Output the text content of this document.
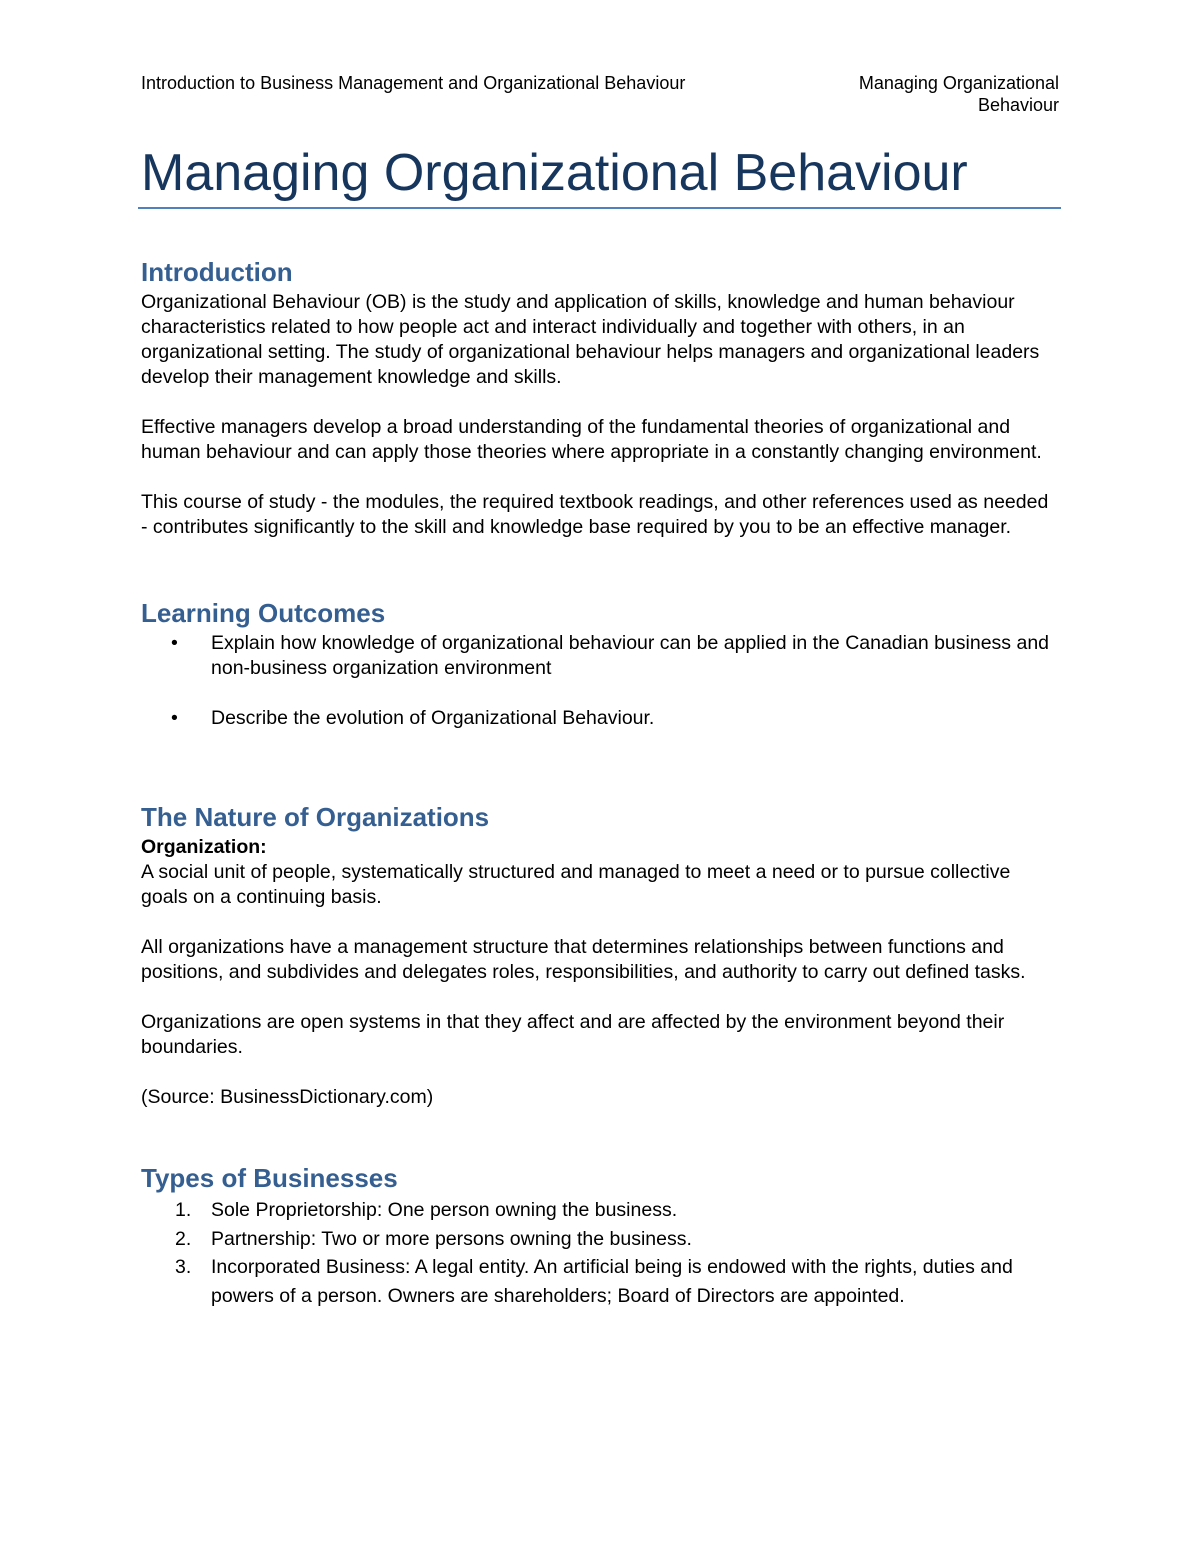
Introduction to Business Management and Organizational Behaviour	Managing Organizational Behaviour
Managing Organizational Behaviour
Introduction

Organizational Behaviour (OB) is the study and application of skills, knowledge and human behaviour characteristics related to how people act and interact individually and together with others, in an organizational setting. The study of organizational behaviour helps managers and organizational leaders develop their management knowledge and skills.

Effective managers develop a broad understanding of the fundamental theories of organizational and human behaviour and can apply those theories where appropriate in a constantly changing environment.

This course of study - the modules, the required textbook readings, and other references used as needed - contributes significantly to the skill and knowledge base required by you to be an effective manager.

Learning Outcomes
• Explain how knowledge of organizational behaviour can be applied in the Canadian business and non-business organization environment
• Describe the evolution of Organizational Behaviour.
The Nature of Organizations

Organization:

A social unit of people, systematically structured and managed to meet a need or to pursue collective goals on a continuing basis.

All organizations have a management structure that determines relationships between functions and positions, and subdivides and delegates roles, responsibilities, and authority to carry out defined tasks.

Organizations are open systems in that they affect and are affected by the environment beyond their boundaries.

(Source: BusinessDictionary.com)

Types of Businesses
1. Sole Proprietorship: One person owning the business.
2. Partnership: Two or more persons owning the business.
3. Incorporated Business: A legal entity. An artificial being is endowed with the rights, duties and powers of a person. Owners are shareholders; Board of Directors are appointed.
